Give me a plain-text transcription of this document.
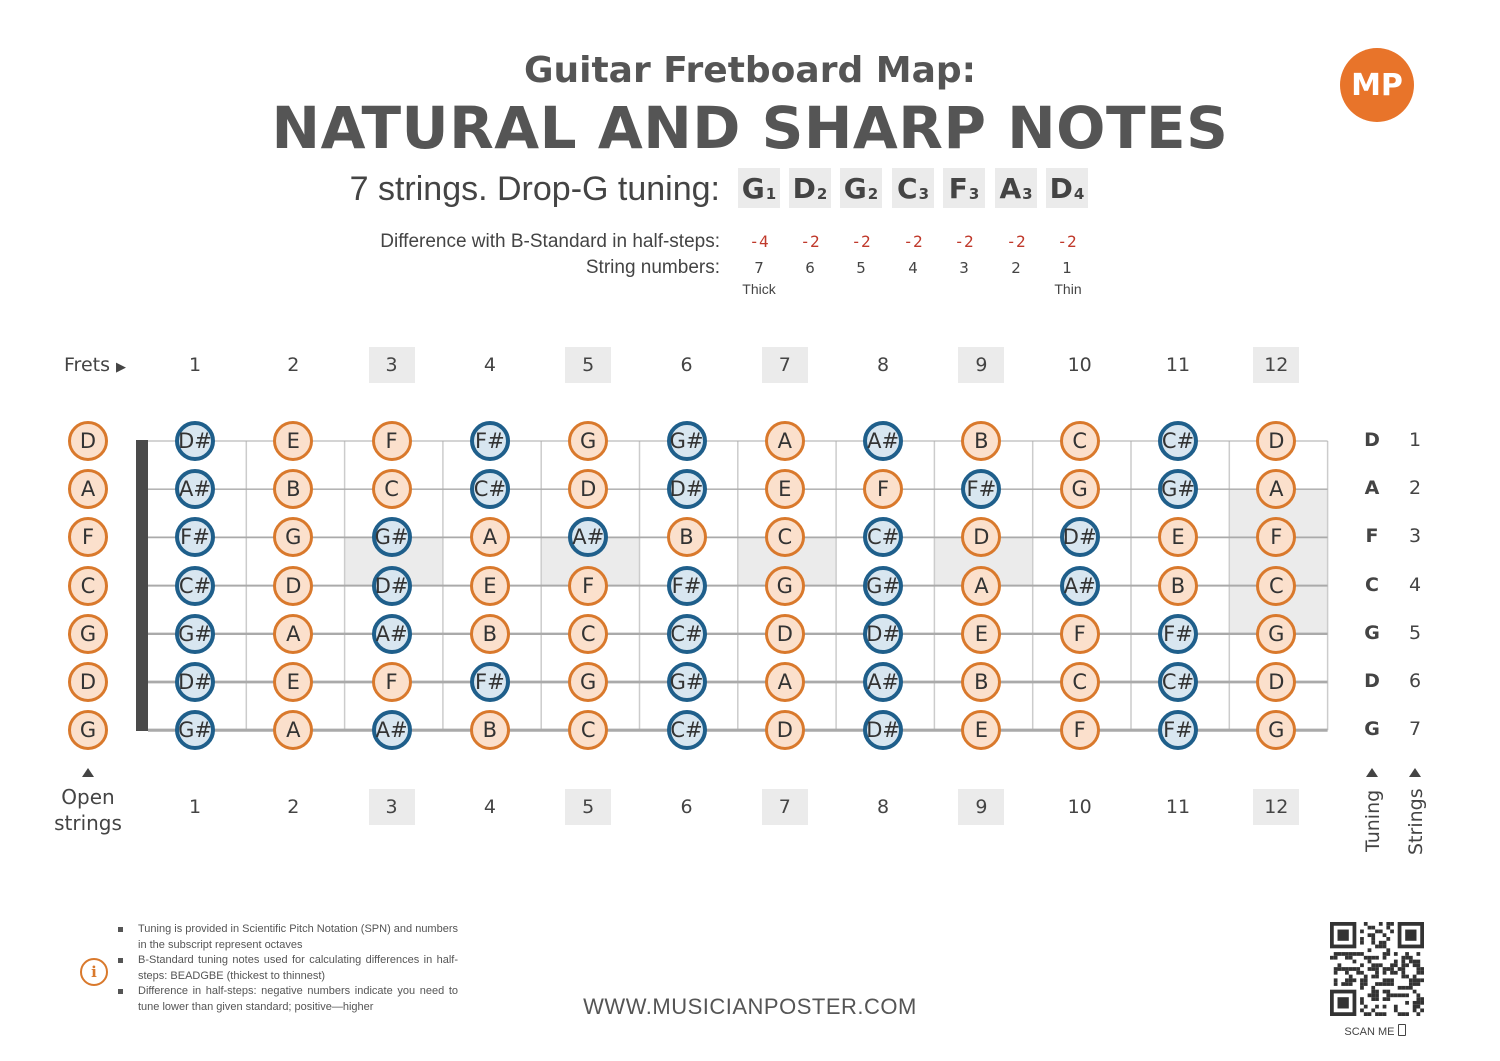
Guitar Fretboard Map:
NATURAL AND SHARP NOTES
MP
7 strings. Drop-G tuning: $G_1$ $D_2$ $G_2$ $C_3$ $F_3$ $A_3$ $D_4$
Difference with B-Standard in half-steps:
String numbers:
-4	-2	-2	-2	-2	-2	-2
7	6	5	4	3	2	1
Thick	Thin
Frets ▶	1	2	3	4	5	6	7	8	9	10	11	12
1	2	3	4	5	6	7	8	9	10	11	12
D
A
F
C
G
D
G
D#	E	F	F#	G	G#	A	A#	B	C	C#	D
A#	B	C	C#	D	D#	E	F	F#	G	G#	A
F#	G	G#	A	A#	B	C	C#	D	D#	E	F
C#	D	D#	E	F	F#	G	G#	A	A#	B	C
G#	A	A#	B	C	C#	D	D#	E	F	F#	G
D#	E	F	F#	G	G#	A	A#	B	C	C#	D
G#	A	A#	B	C	C#	D	D#	E	F	F#	G
D
A
F
C
G
D
G
1
2
3
4
5
6
7
Open
strings	Tuning Strings
i
Tuning is provided in Scientific Pitch Notation (SPN) and numbers in the subscript represent octaves
B-Standard tuning notes used for calculating differences in half-steps: BEADGBE (thickest to thinnest)
Difference in half-steps: negative numbers indicate you need to tune lower than given standard; positive—higher	WWW.MUSICIANPOSTER.COM
SCAN ME
